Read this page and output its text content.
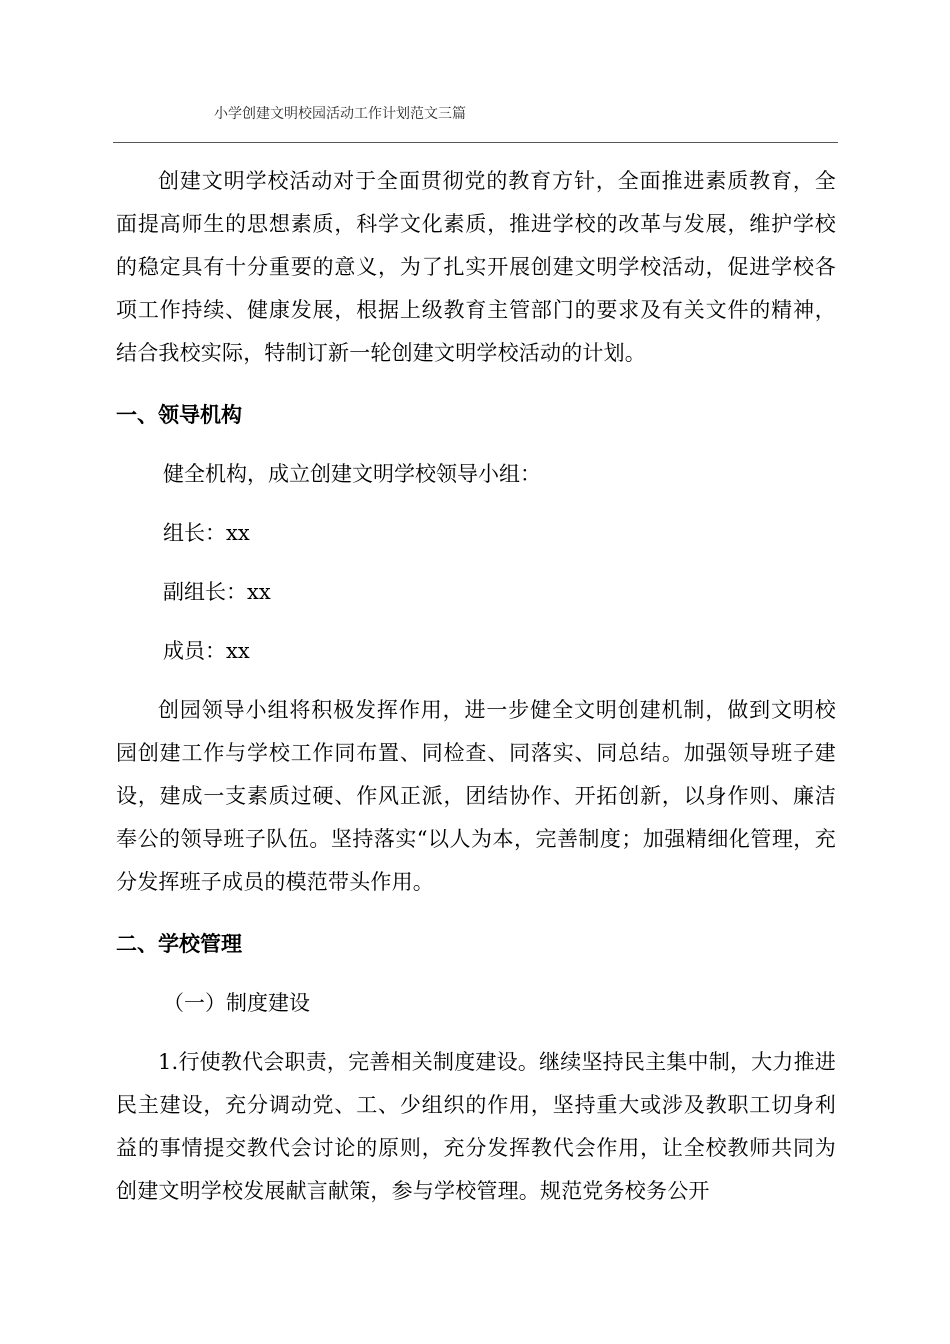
小学创建文明校园活动工作计划范文三篇

创建文明学校活动对于全面贯彻党的教育方针，全面推进素质教育，全面提高师生的思想素质，科学文化素质，推进学校的改革与发展，维护学校的稳定具有十分重要的意义，为了扎实开展创建文明学校活动，促进学校各项工作持续、健康发展，根据上级教育主管部门的要求及有关文件的精神，结合我校实际，特制订新一轮创建文明学校活动的计划。

一、领导机构

健全机构，成立创建文明学校领导小组：

组长：xx

副组长：xx

成员：xx

创园领导小组将积极发挥作用，进一步健全文明创建机制，做到文明校园创建工作与学校工作同布置、同检查、同落实、同总结。加强领导班子建设，建成一支素质过硬、作风正派，团结协作、开拓创新，以身作则、廉洁奉公的领导班子队伍。坚持落实“以人为本，完善制度；加强精细化管理，充分发挥班子成员的模范带头作用。

二、学校管理

（一）制度建设

1.行使教代会职责，完善相关制度建设。继续坚持民主集中制，大力推进民主建设，充分调动党、工、少组织的作用，坚持重大或涉及教职工切身利益的事情提交教代会讨论的原则，充分发挥教代会作用，让全校教师共同为创建文明学校发展献言献策，参与学校管理。规范党务校务公开
